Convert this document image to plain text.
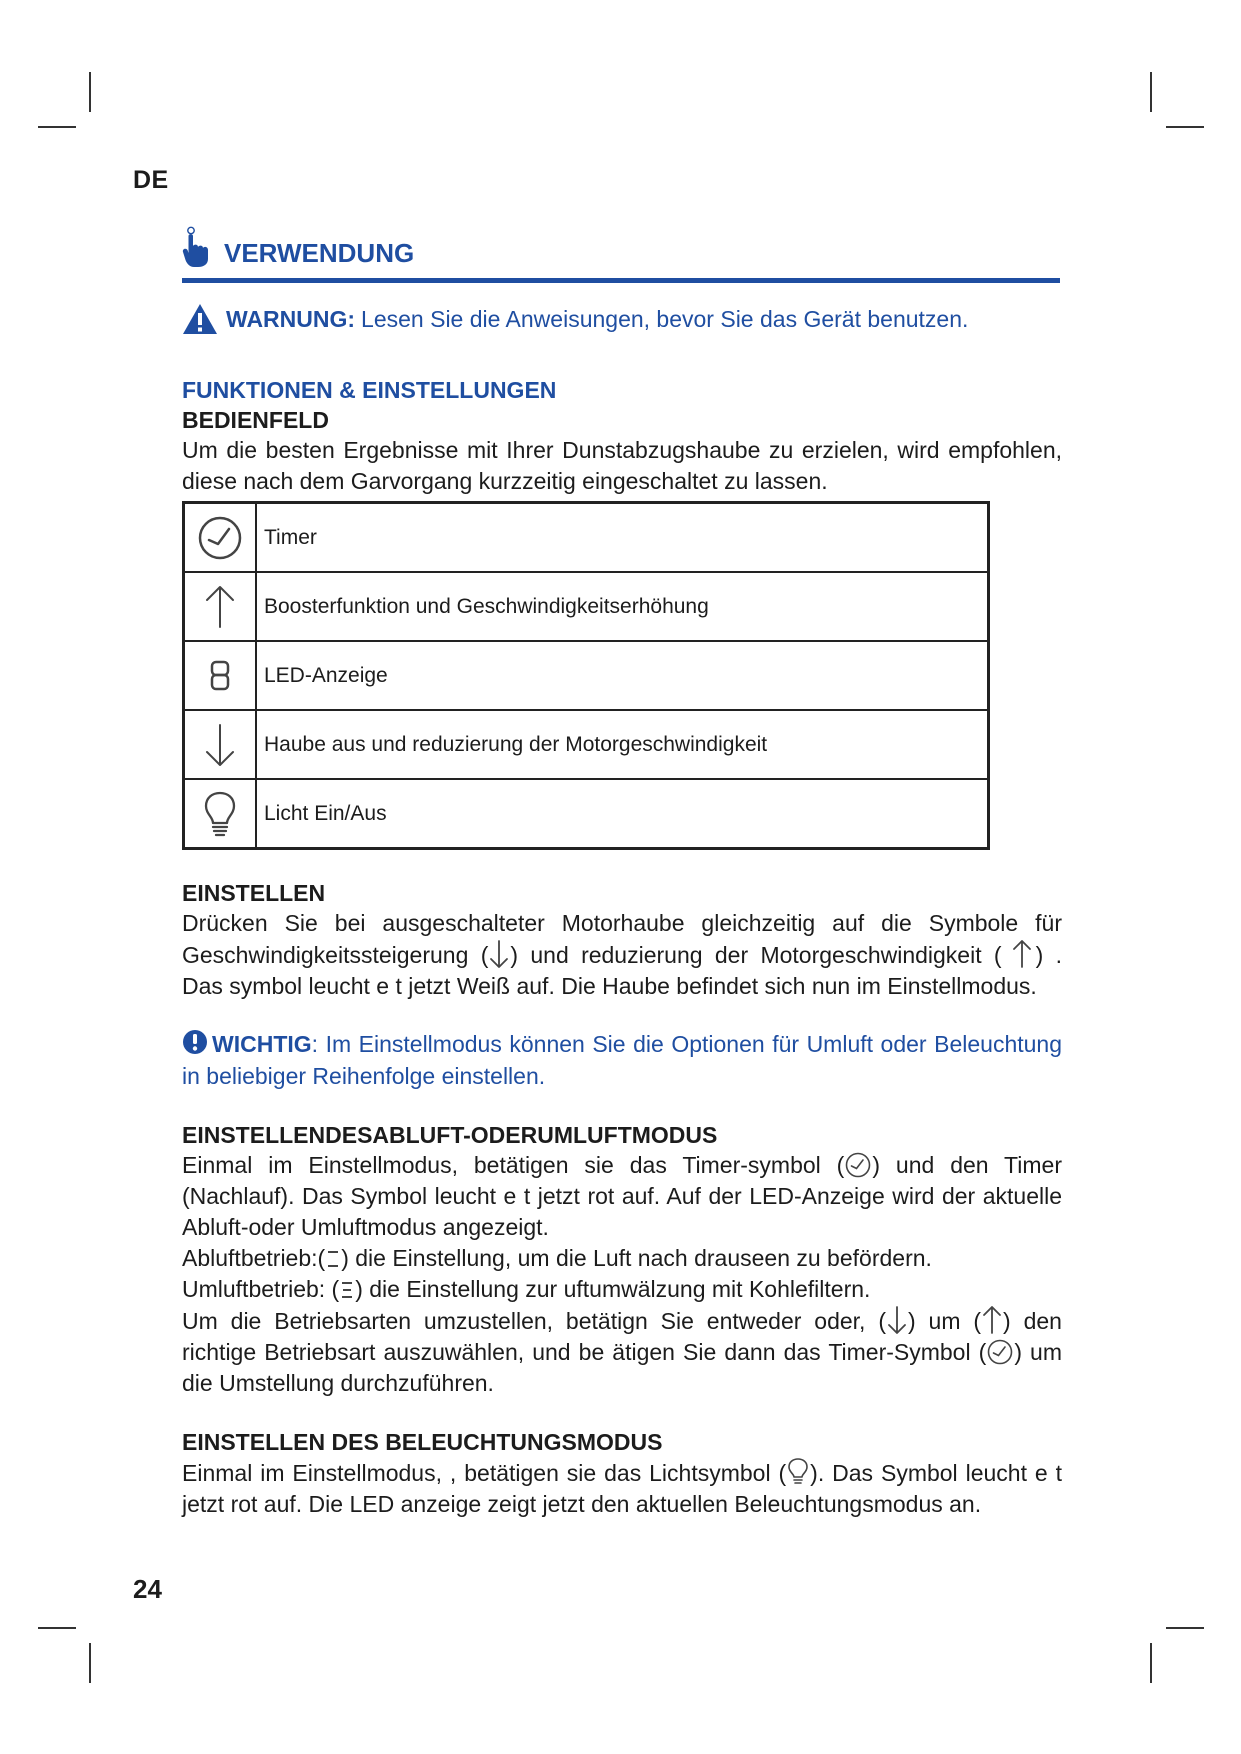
DE
24
VERWENDUNG
WARNUNG: Lesen Sie die Anweisungen, bevor Sie das Gerät benutzen.
FUNKTIONEN & EINSTELLUNGEN
BEDIENFELD

Um die besten Ergebnisse mit Ihrer Dunstabzugshaube zu erzielen, wird empfohlen, diese nach dem Garvorgang kurzzeitig eingeschaltet zu lassen.

	Timer

	Boosterfunktion und Geschwindigkeitserhöhung

	LED-Anzeige

	Haube aus und reduzierung der Motorgeschwindigkeit

	Licht Ein/Aus
EINSTELLEN

Drücken Sie bei ausgeschalteter Motorhaube gleichzeitig auf die Symbole für Geschwindigkeitssteigerung ( ) und reduzierung der Motorgeschwindigkeit ( ) . Das symbol leucht e t jetzt Weiß auf. Die Haube befindet sich nun im Einstellmodus.

WICHTIG: Im Einstellmodus können Sie die Optionen für Umluft oder Beleuchtung in beliebiger Reihenfolge einstellen.
EINSTELLENDESABLUFT-ODERUMLUFTMODUS

Einmal im Einstellmodus, betätigen sie das Timer-symbol ( ) und den Timer (Nachlauf). Das Symbol leucht e t jetzt rot auf. Auf der LED-Anzeige wird der aktuelle Abluft-oder Umluftmodus angezeigt.

Abluftbetrieb:( ) die Einstellung, um die Luft nach drauseen zu befördern.

Umluftbetrieb: ( ) die Einstellung zur uftumwälzung mit Kohlefiltern.

Um die Betriebsarten umzustellen, betätign Sie entweder oder, ( ) um ( ) den richtige Betriebsart auszuwählen, und be ätigen Sie dann das Timer-Symbol ( ) um die Umstellung durchzuführen.

EINSTELLEN DES BELEUCHTUNGSMODUS

Einmal im Einstellmodus, , betätigen sie das Lichtsymbol ( ). Das Symbol leucht e t jetzt rot auf. Die LED anzeige zeigt jetzt den aktuellen Beleuchtungsmodus an.
